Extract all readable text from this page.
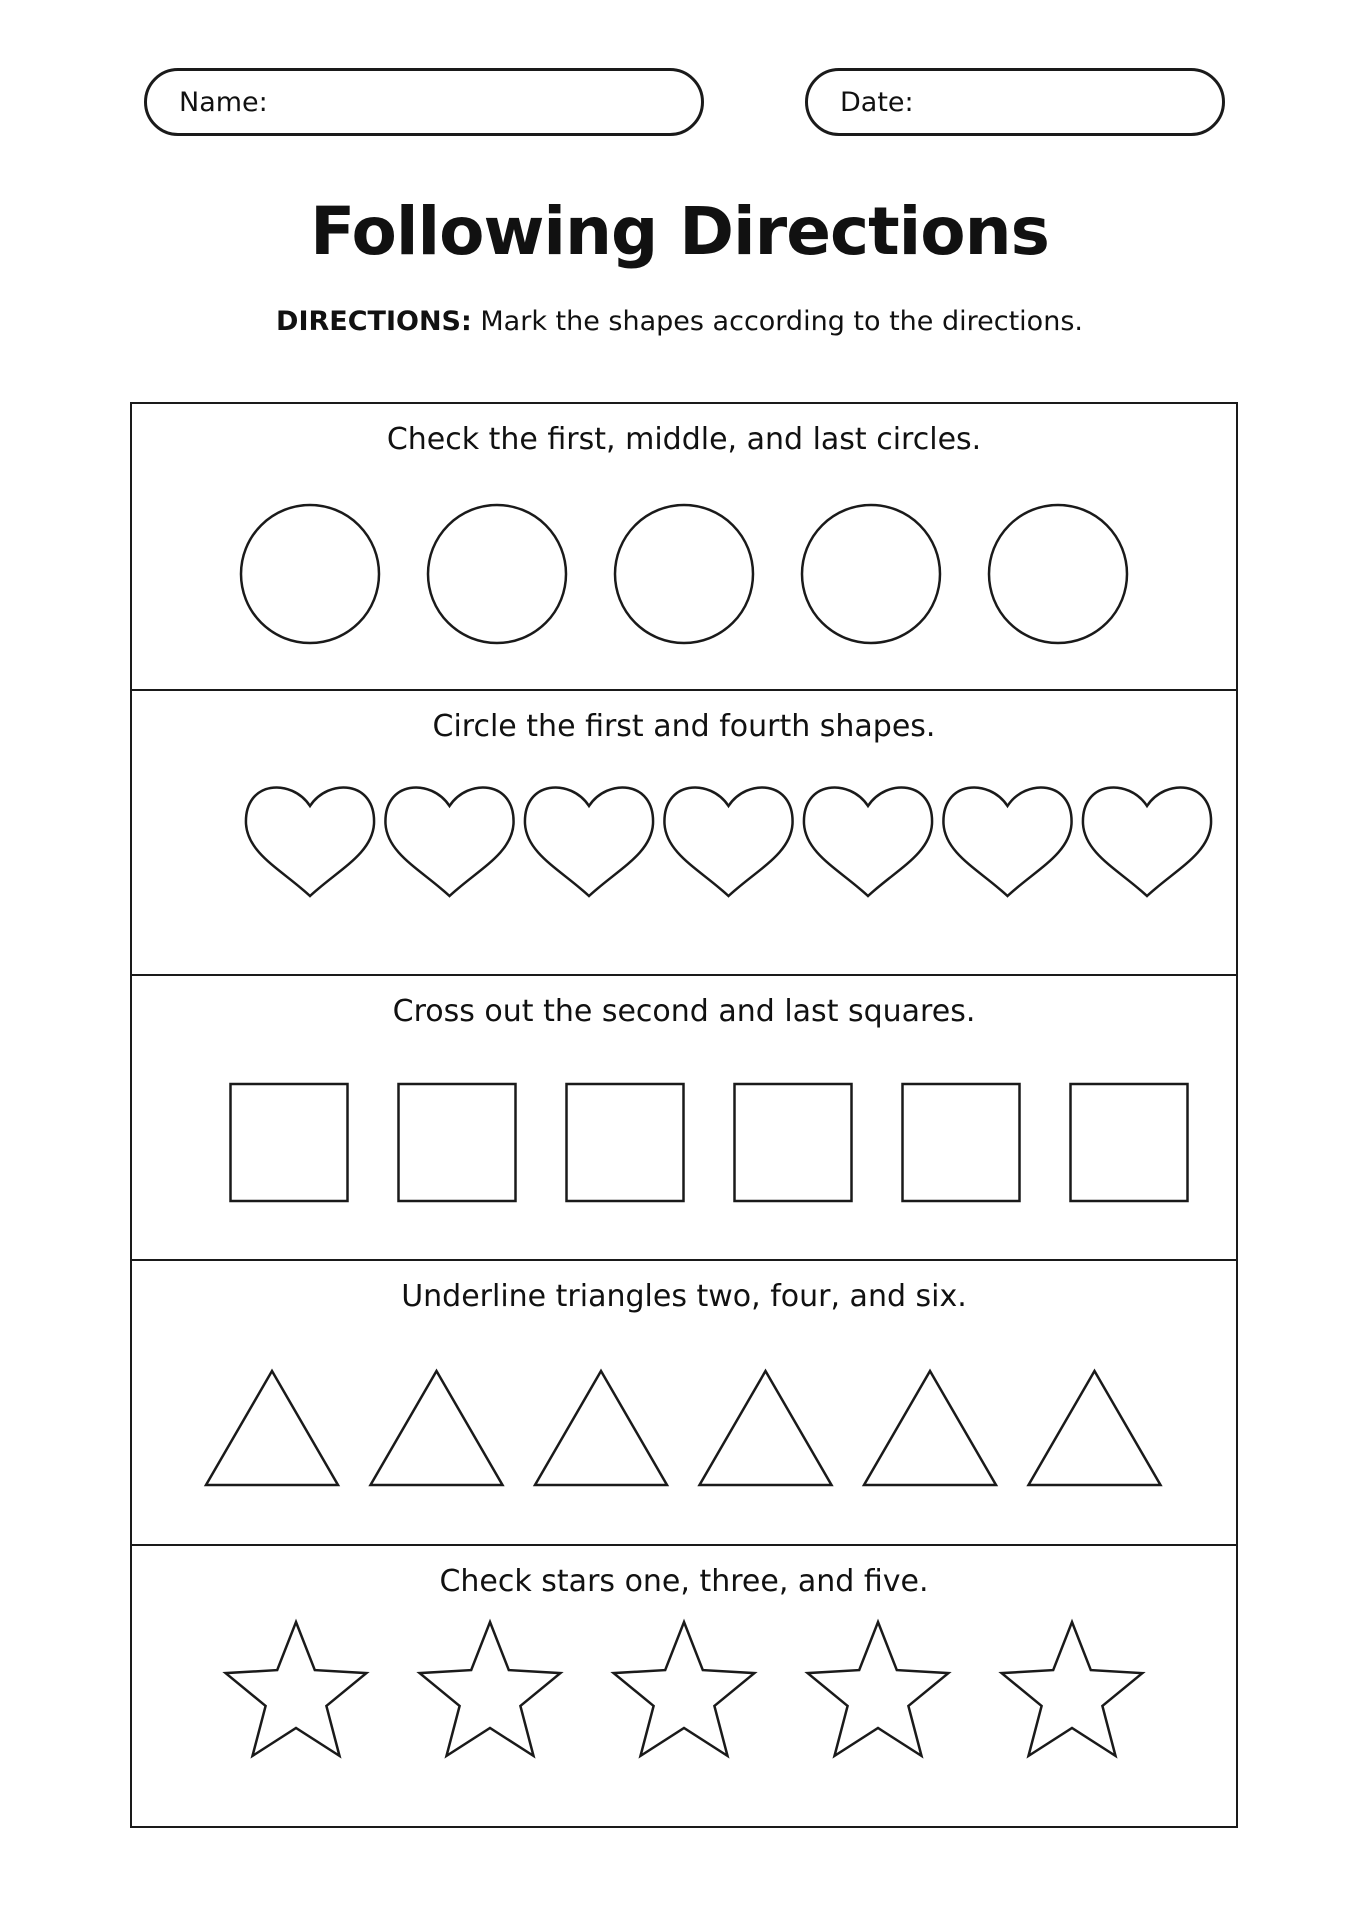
Name:	Date:
Following Directions
DIRECTIONS: Mark the shapes according to the directions.
Check the first, middle, and last circles.
Circle the first and fourth shapes.
Cross out the second and last squares.
Underline triangles two, four, and six.
Check stars one, three, and five.
